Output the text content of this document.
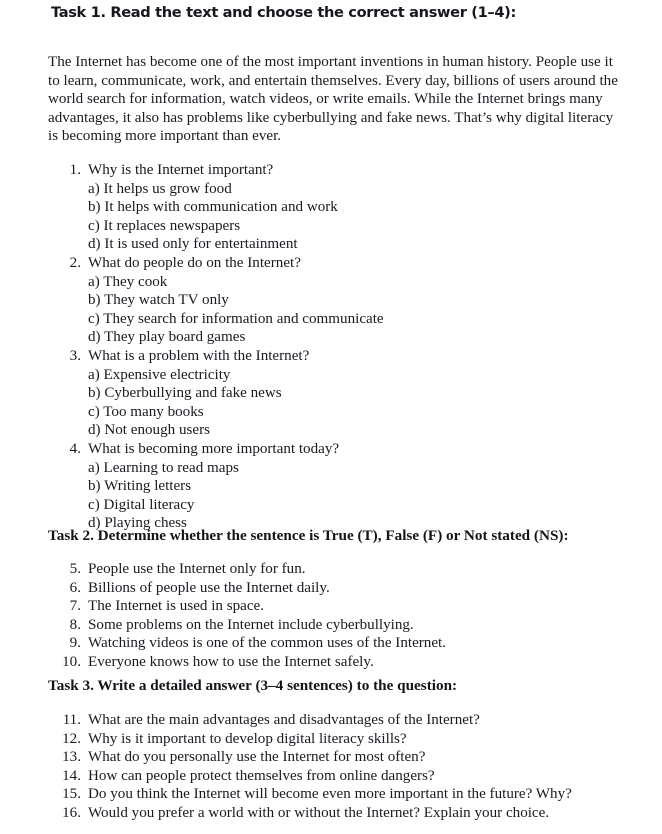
Task 1. Read the text and choose the correct answer (1–4):
The Internet has become one of the most important inventions in human history. People use it to learn, communicate, work, and entertain themselves. Every day, billions of users around the world search for information, watch videos, or write emails. While the Internet brings many advantages, it also has problems like cyberbullying and fake news. That’s why digital literacy is becoming more important than ever.
1. Why is the Internet important?
a) It helps us grow food
b) It helps with communication and work
c) It replaces newspapers
d) It is used only for entertainment
2. What do people do on the Internet?
a) They cook
b) They watch TV only
c) They search for information and communicate
d) They play board games
3. What is a problem with the Internet?
a) Expensive electricity
b) Cyberbullying and fake news
c) Too many books
d) Not enough users
4. What is becoming more important today?
a) Learning to read maps
b) Writing letters
c) Digital literacy
d) Playing chess
Task 2. Determine whether the sentence is True (T), False (F) or Not stated (NS):
5. People use the Internet only for fun.
6. Billions of people use the Internet daily.
7. The Internet is used in space.
8. Some problems on the Internet include cyberbullying.
9. Watching videos is one of the common uses of the Internet.
10. Everyone knows how to use the Internet safely.
Task 3. Write a detailed answer (3–4 sentences) to the question:
11. What are the main advantages and disadvantages of the Internet?
12. Why is it important to develop digital literacy skills?
13. What do you personally use the Internet for most often?
14. How can people protect themselves from online dangers?
15. Do you think the Internet will become even more important in the future? Why?
16. Would you prefer a world with or without the Internet? Explain your choice.
